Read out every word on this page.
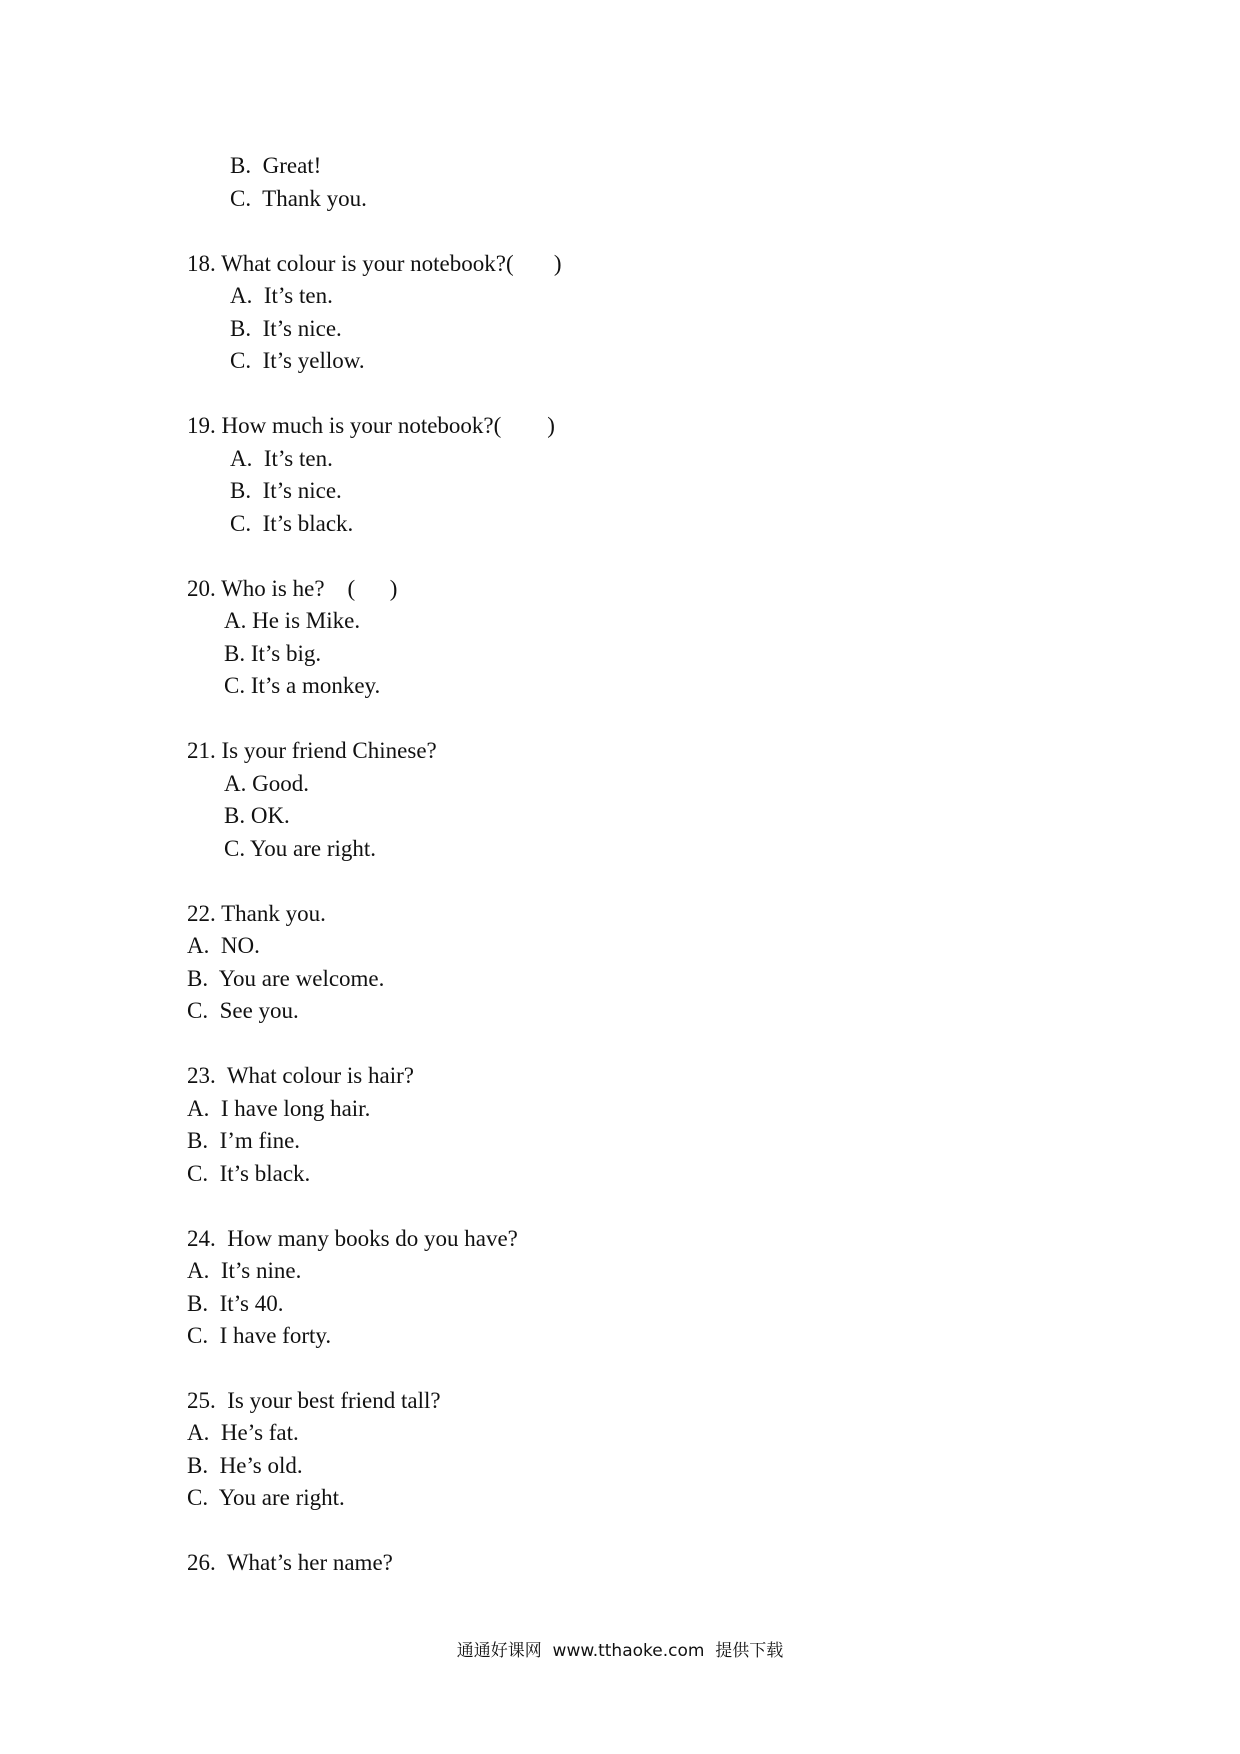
B.  Great!
C.  Thank you.
18. What colour is your notebook?(       )
A.  It’s ten.
B.  It’s nice.
C.  It’s yellow.
19. How much is your notebook?(        )
A.  It’s ten.
B.  It’s nice.
C.  It’s black.
20. Who is he?    (      )
A. He is Mike.
B. It’s big.
C. It’s a monkey.
21. Is your friend Chinese?
A. Good.
B. OK.
C. You are right.
22. Thank you.
A.  NO.
B.  You are welcome.
C.  See you.
23.  What colour is hair?
A.  I have long hair.
B.  I’m fine.
C.  It’s black.
24.  How many books do you have?
A.  It’s nine.
B.  It’s 40.
C.  I have forty.
25.  Is your best friend tall?
A.  He’s fat.
B.  He’s old.
C.  You are right.
26.  What’s her name?
通通好课网  www.tthaoke.com  提供下载
